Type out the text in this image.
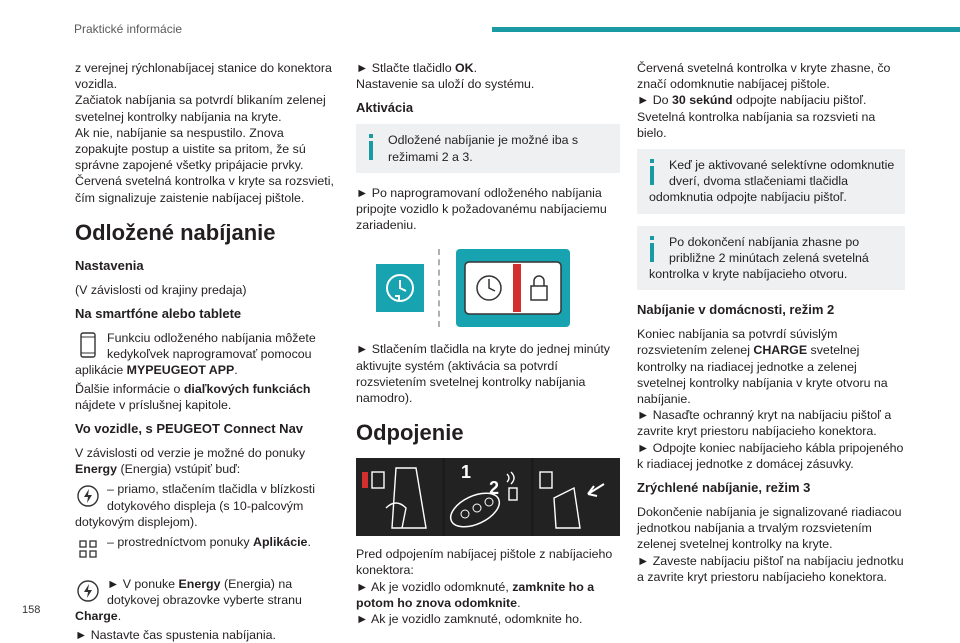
Praktické informácie
158

z verejnej rýchlonabíjacej stanice do konektora vozidla.

Začiatok nabíjania sa potvrdí blikaním zelenej svetelnej kontrolky nabíjania na kryte.

Ak nie, nabíjanie sa nespustilo. Znova zopakujte postup a uistite sa pritom, že sú správne zapojené všetky pripájacie prvky.

Červená svetelná kontrolka v kryte sa rozsvieti, čím signalizuje zaistenie nabíjacej pištole.

Odložené nabíjanie
Nastavenia

(V závislosti od krajiny predaja)

Na smartfóne alebo tablete

Funkciu odloženého nabíjania môžete kedykoľvek naprogramovať pomocou aplikácie MYPEUGEOT APP.

Ďalšie informácie o diaľkových funkciách nájdete v príslušnej kapitole.

Vo vozidle, s PEUGEOT Connect Nav

V závislosti od verzie je možné do ponuky Energy (Energia) vstúpiť buď:

– priamo, stlačením tlačidla v blízkosti dotykového displeja (s 10-palcovým dotykovým displejom).

– prostredníctvom ponuky Aplikácie.

► V ponuke Energy (Energia) na dotykovej obrazovke vyberte stranu Charge.

► Nastavte čas spustenia nabíjania.

► Stlačte tlačidlo OK.

Nastavenie sa uloží do systému.

Aktivácia

Odložené nabíjanie je možné iba s režimami 2 a 3.

► Po naprogramovaní odloženého nabíjania pripojte vozidlo k požadovanému nabíjaciemu zariadeniu.

► Stlačením tlačidla na kryte do jednej minúty aktivujte systém (aktivácia sa potvrdí rozsvietením svetelnej kontrolky nabíjania namodro).

Odpojenie
1
2

Pred odpojením nabíjacej pištole z nabíjacieho konektora:

► Ak je vozidlo odomknuté, zamknite ho a potom ho znova odomknite.

► Ak je vozidlo zamknuté, odomknite ho.

Červená svetelná kontrolka v kryte zhasne, čo značí odomknutie nabíjacej pištole.

► Do 30 sekúnd odpojte nabíjaciu pištoľ.

Svetelná kontrolka nabíjania sa rozsvieti na bielo.

Keď je aktivované selektívne odomknutie dverí, dvoma stlačeniami tlačidla odomknutia odpojte nabíjaciu pištoľ.

Po dokončení nabíjania zhasne po približne 2 minútach zelená svetelná kontrolka v kryte nabíjacieho otvoru.

Nabíjanie v domácnosti, režim 2

Koniec nabíjania sa potvrdí súvislým rozsvietením zelenej CHARGE svetelnej kontrolky na riadiacej jednotke a zelenej svetelnej kontrolky nabíjania v kryte otvoru na nabíjanie.

► Nasaďte ochranný kryt na nabíjaciu pištoľ a zavrite kryt priestoru nabíjacieho konektora.

► Odpojte koniec nabíjacieho kábla pripojeného k riadiacej jednotke z domácej zásuvky.

Zrýchlené nabíjanie, režim 3

Dokončenie nabíjania je signalizované riadiacou jednotkou nabíjania a trvalým rozsvietením zelenej svetelnej kontrolky na kryte.

► Zaveste nabíjaciu pištoľ na nabíjaciu jednotku a zavrite kryt priestoru nabíjacieho konektora.
